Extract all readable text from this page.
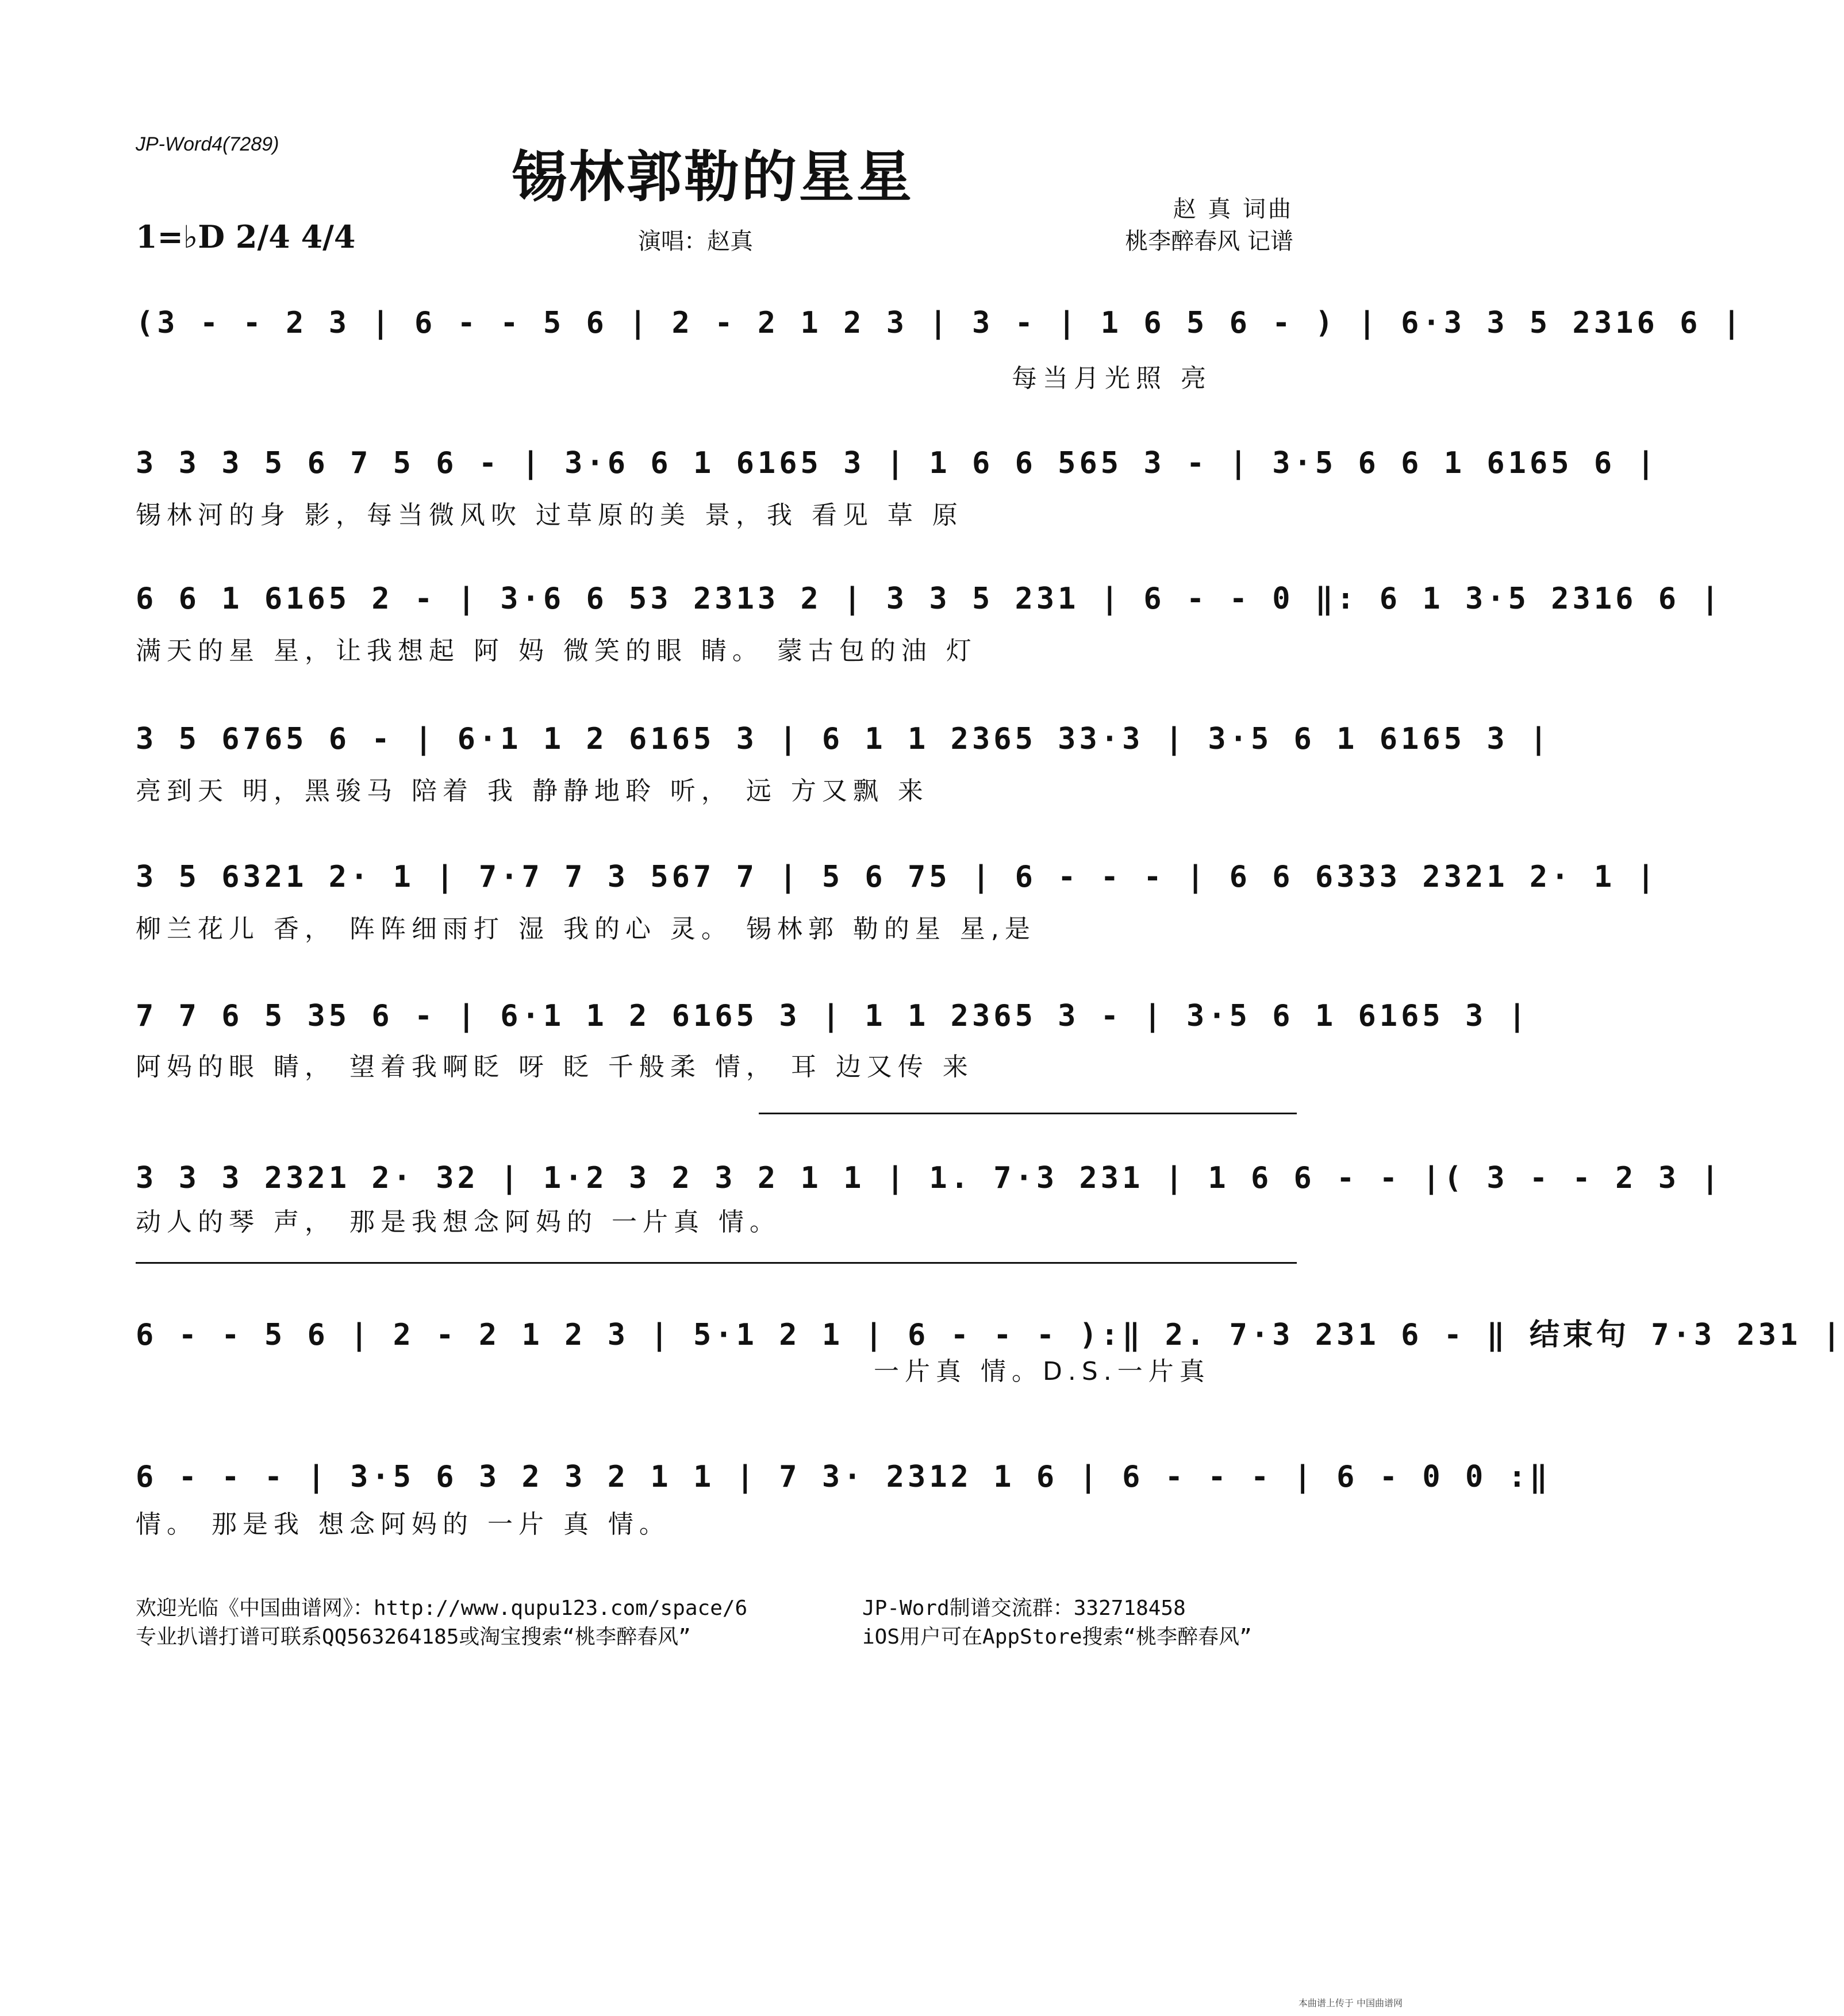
JP-Word4(7289)
锡林郭勒的星星
1=♭D 2/4 4/4	演唱：赵真
赵 真 词曲
桃李醉春风 记谱
(3 - - 2 3 | 6 - - 5 6 | 2 - 2 1 2 3 | 3 - | 1 6 5 6 - ) | 6·3 3 5 2316 6 |
每当月光照 亮
3 3 3 5 6 7 5 6 - | 3·6 6 1 6165 3 | 1 6 6 565 3 - | 3·5 6 6 1 6165 6 |
锡林河的身 影，每当微风吹 过草原的美 景，我 看见 草 原
6 6 1 6165 2 - | 3·6 6 53 2313 2 | 3 3 5 231 | 6 - - 0 ‖: 6 1 3·5 2316 6 |
满天的星 星，让我想起 阿 妈 微笑的眼 睛。 蒙古包的油 灯
3 5 6765 6 - | 6·1 1 2 6165 3 | 6 1 1 2365 33·3 | 3·5 6 1 6165 3 |
亮到天 明，黑骏马 陪着 我 静静地聆 听， 远 方又飘 来
3 5 6321 2· 1 | 7·7 7 3 567 7 | 5 6 75 | 6 - - - | 6 6 6333 2321 2· 1 |
柳兰花儿 香， 阵阵细雨打 湿 我的心 灵。 锡林郭 勒的星 星,是
7 7 6 5 35 6 - | 6·1 1 2 6165 3 | 1 1 2365 3 - | 3·5 6 1 6165 3 |
阿妈的眼 睛， 望着我啊眨 呀 眨 千般柔 情， 耳 边又传 来
3 3 3 2321 2· 32 | 1·2 3 2 3 2 1 1 | 1. 7·3 231 | 1 6 6 - - |( 3 - - 2 3 |
动人的琴 声， 那是我想念阿妈的 一片真 情。
6 - - 5 6 | 2 - 2 1 2 3 | 5·1 2 1 | 6 - - - ):‖ 2. 7·3 231 6 - ‖ 结束句 7·3 231 |
一片真 情。D.S.一片真
6 - - - | 3·5 6 3 2 3 2 1 1 | 7 3· 2312 1 6 | 6 - - - | 6 - 0 0 :‖
情。 那是我 想念阿妈的 一片 真 情。
欢迎光临《中国曲谱网》：http://www.qupu123.com/space/6
专业扒谱打谱可联系QQ563264185或淘宝搜索“桃李醉春风”
JP-Word制谱交流群：332718458
iOS用户可在AppStore搜索“桃李醉春风”
本曲谱上传于 中国曲谱网
